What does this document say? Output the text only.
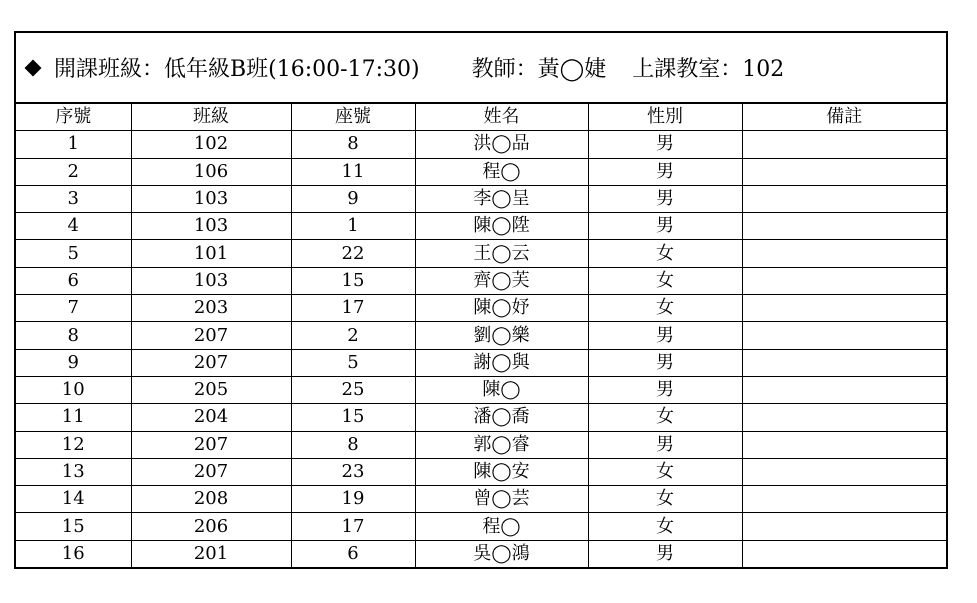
開課班級：低年級B班(16:00-17:30) 教師：黃◯婕 上課教室：102
序號	班級	座號	姓名	性別	備註
1	102	8	洪◯品	男	
2	106	11	程◯	男	
3	103	9	李◯呈	男	
4	103	1	陳◯陞	男	
5	101	22	王◯云	女	
6	103	15	齊◯芙	女	
7	203	17	陳◯妤	女	
8	207	2	劉◯樂	男	
9	207	5	謝◯與	男	
10	205	25	陳◯	男	
11	204	15	潘◯喬	女	
12	207	8	郭◯睿	男	
13	207	23	陳◯安	女	
14	208	19	曾◯芸	女	
15	206	17	程◯	女	
16	201	6	吳◯鴻	男	
